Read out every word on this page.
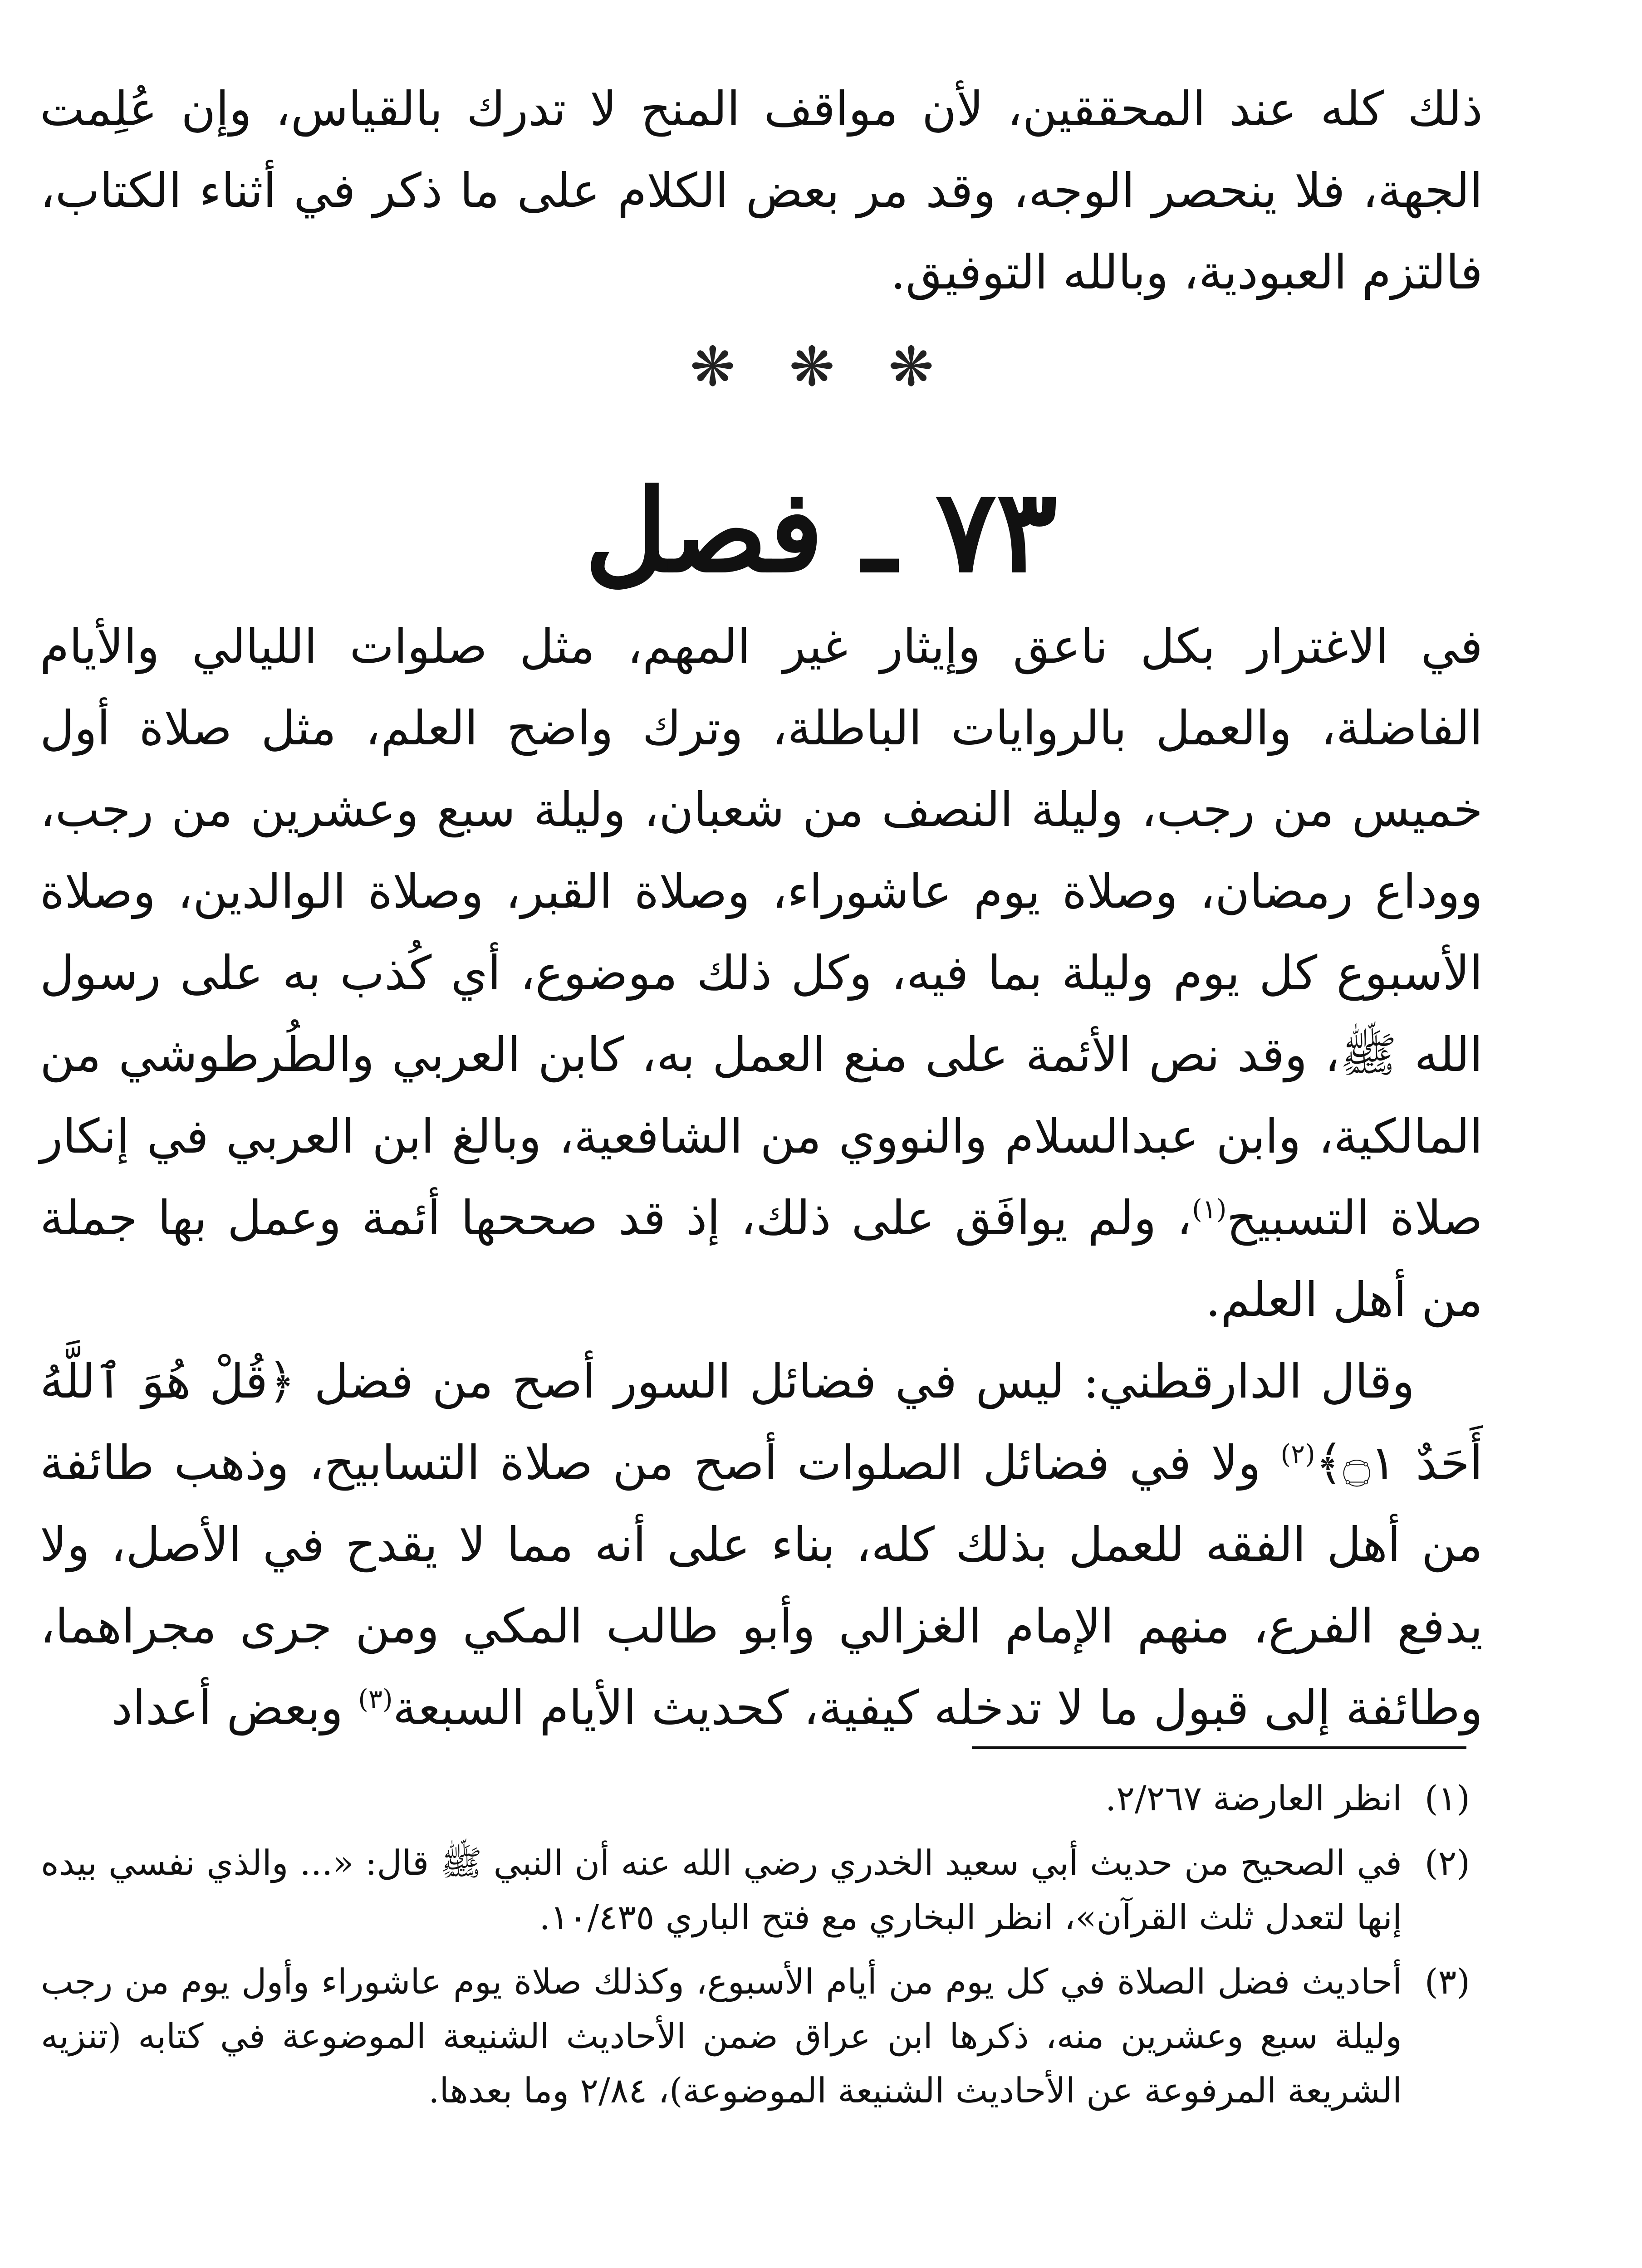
ذلك كله عند المحققين، لأن مواقف المنح لا تدرك بالقياس، وإن عُلِمت الجهة، فلا ينحصر الوجه، وقد مر بعض الكلام على ما ذكر في أثناء الكتاب، فالتزم العبودية، وبالله التوفيق.

❋ ❋ ❋
٧٣ ـ فصل

في الاغترار بكل ناعق وإيثار غير المهم، مثل صلوات الليالي والأيام الفاضلة، والعمل بالروايات الباطلة، وترك واضح العلم، مثل صلاة أول خميس من رجب، وليلة النصف من شعبان، وليلة سبع وعشرين من رجب، ووداع رمضان، وصلاة يوم عاشوراء، وصلاة القبر، وصلاة الوالدين، وصلاة الأسبوع كل يوم وليلة بما فيه، وكل ذلك موضوع، أي كُذب به على رسول الله ﷺ، وقد نص الأئمة على منع العمل به، كابن العربي والطُرطوشي من المالكية، وابن عبدالسلام والنووي من الشافعية، وبالغ ابن العربي في إنكار صلاة التسبيح$^{(١)}$، ولم يوافَق على ذلك، إذ قد صححها أئمة وعمل بها جملة من أهل العلم.

وقال الدارقطني: ليس في فضائل السور أصح من فضل ﴿قُلْ هُوَ ٱللَّهُ أَحَدٌ ۝١﴾$^{(٢)}$ ولا في فضائل الصلوات أصح من صلاة التسابيح، وذهب طائفة من أهل الفقه للعمل بذلك كله، بناء على أنه مما لا يقدح في الأصل، ولا يدفع الفرع، منهم الإمام الغزالي وأبو طالب المكي ومن جرى مجراهما، وطائفة إلى قبول ما لا تدخله كيفية، كحديث الأيام السبعة$^{(٣)}$ وبعض أعداد

(١)
انظر العارضة ٢/٢٦٧.
(٢)
في الصحيح من حديث أبي سعيد الخدري رضي الله عنه أن النبي ﷺ قال: «... والذي نفسي بيده إنها لتعدل ثلث القرآن»، انظر البخاري مع فتح الباري ١٠/٤٣٥.
(٣)
أحاديث فضل الصلاة في كل يوم من أيام الأسبوع، وكذلك صلاة يوم عاشوراء وأول يوم من رجب وليلة سبع وعشرين منه، ذكرها ابن عراق ضمن الأحاديث الشنيعة الموضوعة في كتابه (تنزيه الشريعة المرفوعة عن الأحاديث الشنيعة الموضوعة)، ٢/٨٤ وما بعدها.
